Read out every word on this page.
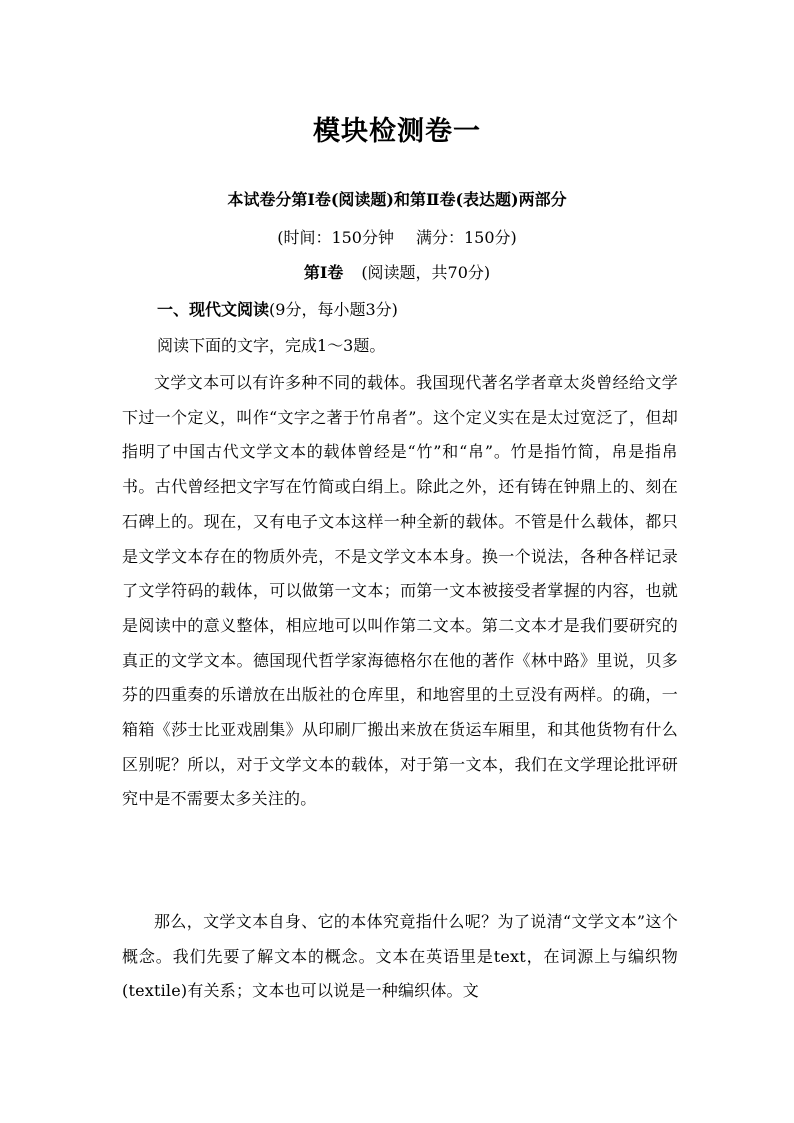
模块检测卷一
本试卷分第Ⅰ卷(阅读题)和第Ⅱ卷(表达题)两部分
(时间：150分钟 满分：150分)
第Ⅰ卷 (阅读题，共70分)
一、现代文阅读(9分，每小题3分)
阅读下面的文字，完成1～3题。

文学文本可以有许多种不同的载体。我国现代著名学者章太炎曾经给文学下过一个定义，叫作“文字之著于竹帛者”。这个定义实在是太过宽泛了，但却指明了中国古代文学文本的载体曾经是“竹”和“帛”。竹是指竹简，帛是指帛书。古代曾经把文字写在竹简或白绢上。除此之外，还有铸在钟鼎上的、刻在石碑上的。现在，又有电子文本这样一种全新的载体。不管是什么载体，都只是文学文本存在的物质外壳，不是文学文本本身。换一个说法，各种各样记录了文学符码的载体，可以做第一文本；而第一文本被接受者掌握的内容，也就是阅读中的意义整体，相应地可以叫作第二文本。第二文本才是我们要研究的真正的文学文本。德国现代哲学家海德格尔在他的著作《林中路》里说，贝多芬的四重奏的乐谱放在出版社的仓库里，和地窖里的土豆没有两样。的确，一箱箱《莎士比亚戏剧集》从印刷厂搬出来放在货运车厢里，和其他货物有什么区别呢？所以，对于文学文本的载体，对于第一文本，我们在文学理论批评研究中是不需要太多关注的。

那么，文学文本自身、它的本体究竟指什么呢？为了说清“文学文本”这个概念。我们先要了解文本的概念。文本在英语里是text，在词源上与编织物(textile)有关系；文本也可以说是一种编织体。文
